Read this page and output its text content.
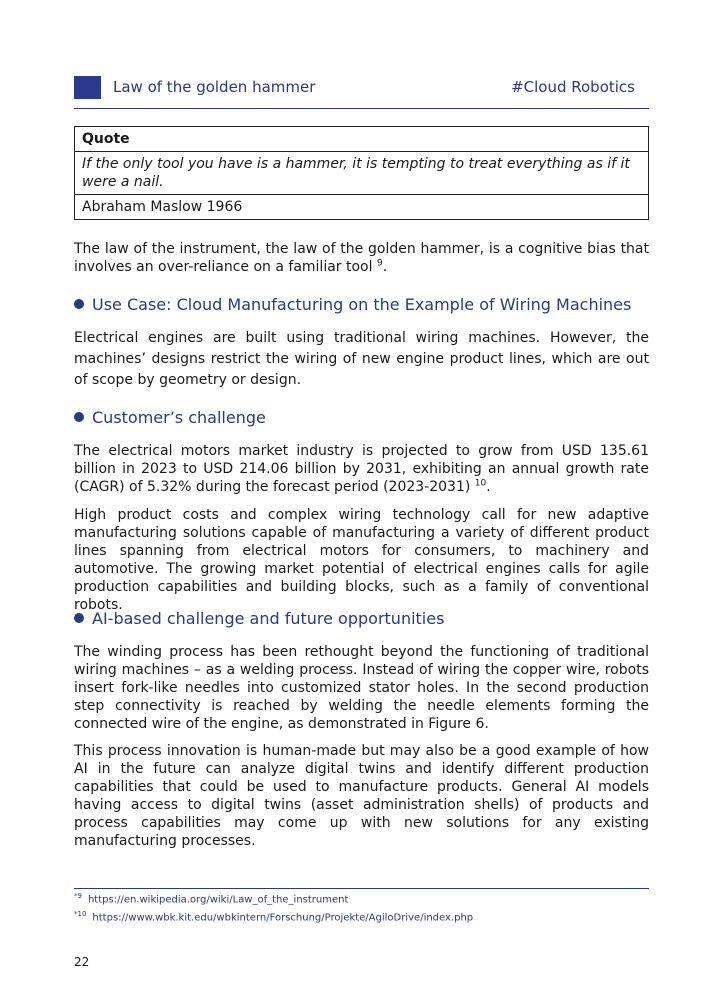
Law of the golden hammer	#Cloud Robotics
Quote
If the only tool you have is a hammer, it is tempting to treat everything as if it were a nail.
Abraham Maslow 1966
The law of the instrument, the law of the golden hammer, is a cognitive bias that involves an over-reliance on a familiar tool $^9$.
Use Case: Cloud Manufacturing on the Example of Wiring Machines
Electrical engines are built using traditional wiring machines. However, the machines’ designs restrict the wiring of new engine product lines, which are out of scope by geometry or design.
Customer’s challenge
The electrical motors market industry is projected to grow from USD 135.61 billion in 2023 to USD 214.06 billion by 2031, exhibiting an annual growth rate (CAGR) of 5.32% during the forecast period (2023-2031) $^{10}$.
High product costs and complex wiring technology call for new adaptive manufacturing solutions capable of manufacturing a variety of different product lines spanning from electrical motors for consumers, to machinery and automotive. The growing market potential of electrical engines calls for agile production capabilities and building blocks, such as a family of conventional robots.
AI-based challenge and future opportunities
The winding process has been rethought beyond the functioning of traditional wiring machines – as a welding process. Instead of wiring the copper wire, robots insert fork-like needles into customized stator holes. In the second production step connectivity is reached by welding the needle elements forming the connected wire of the engine, as demonstrated in Figure 6.
This process innovation is human-made but may also be a good example of how AI in the future can analyze digital twins and identify different production capabilities that could be used to manufacture products. General AI models having access to digital twins (asset administration shells) of products and process capabilities may come up with new solutions for any existing manufacturing processes.
$^{*9}$ https://en.wikipedia.org/wiki/Law_of_the_instrument
$^{*10}$ https://www.wbk.kit.edu/wbkintern/Forschung/Projekte/AgiloDrive/index.php
22
